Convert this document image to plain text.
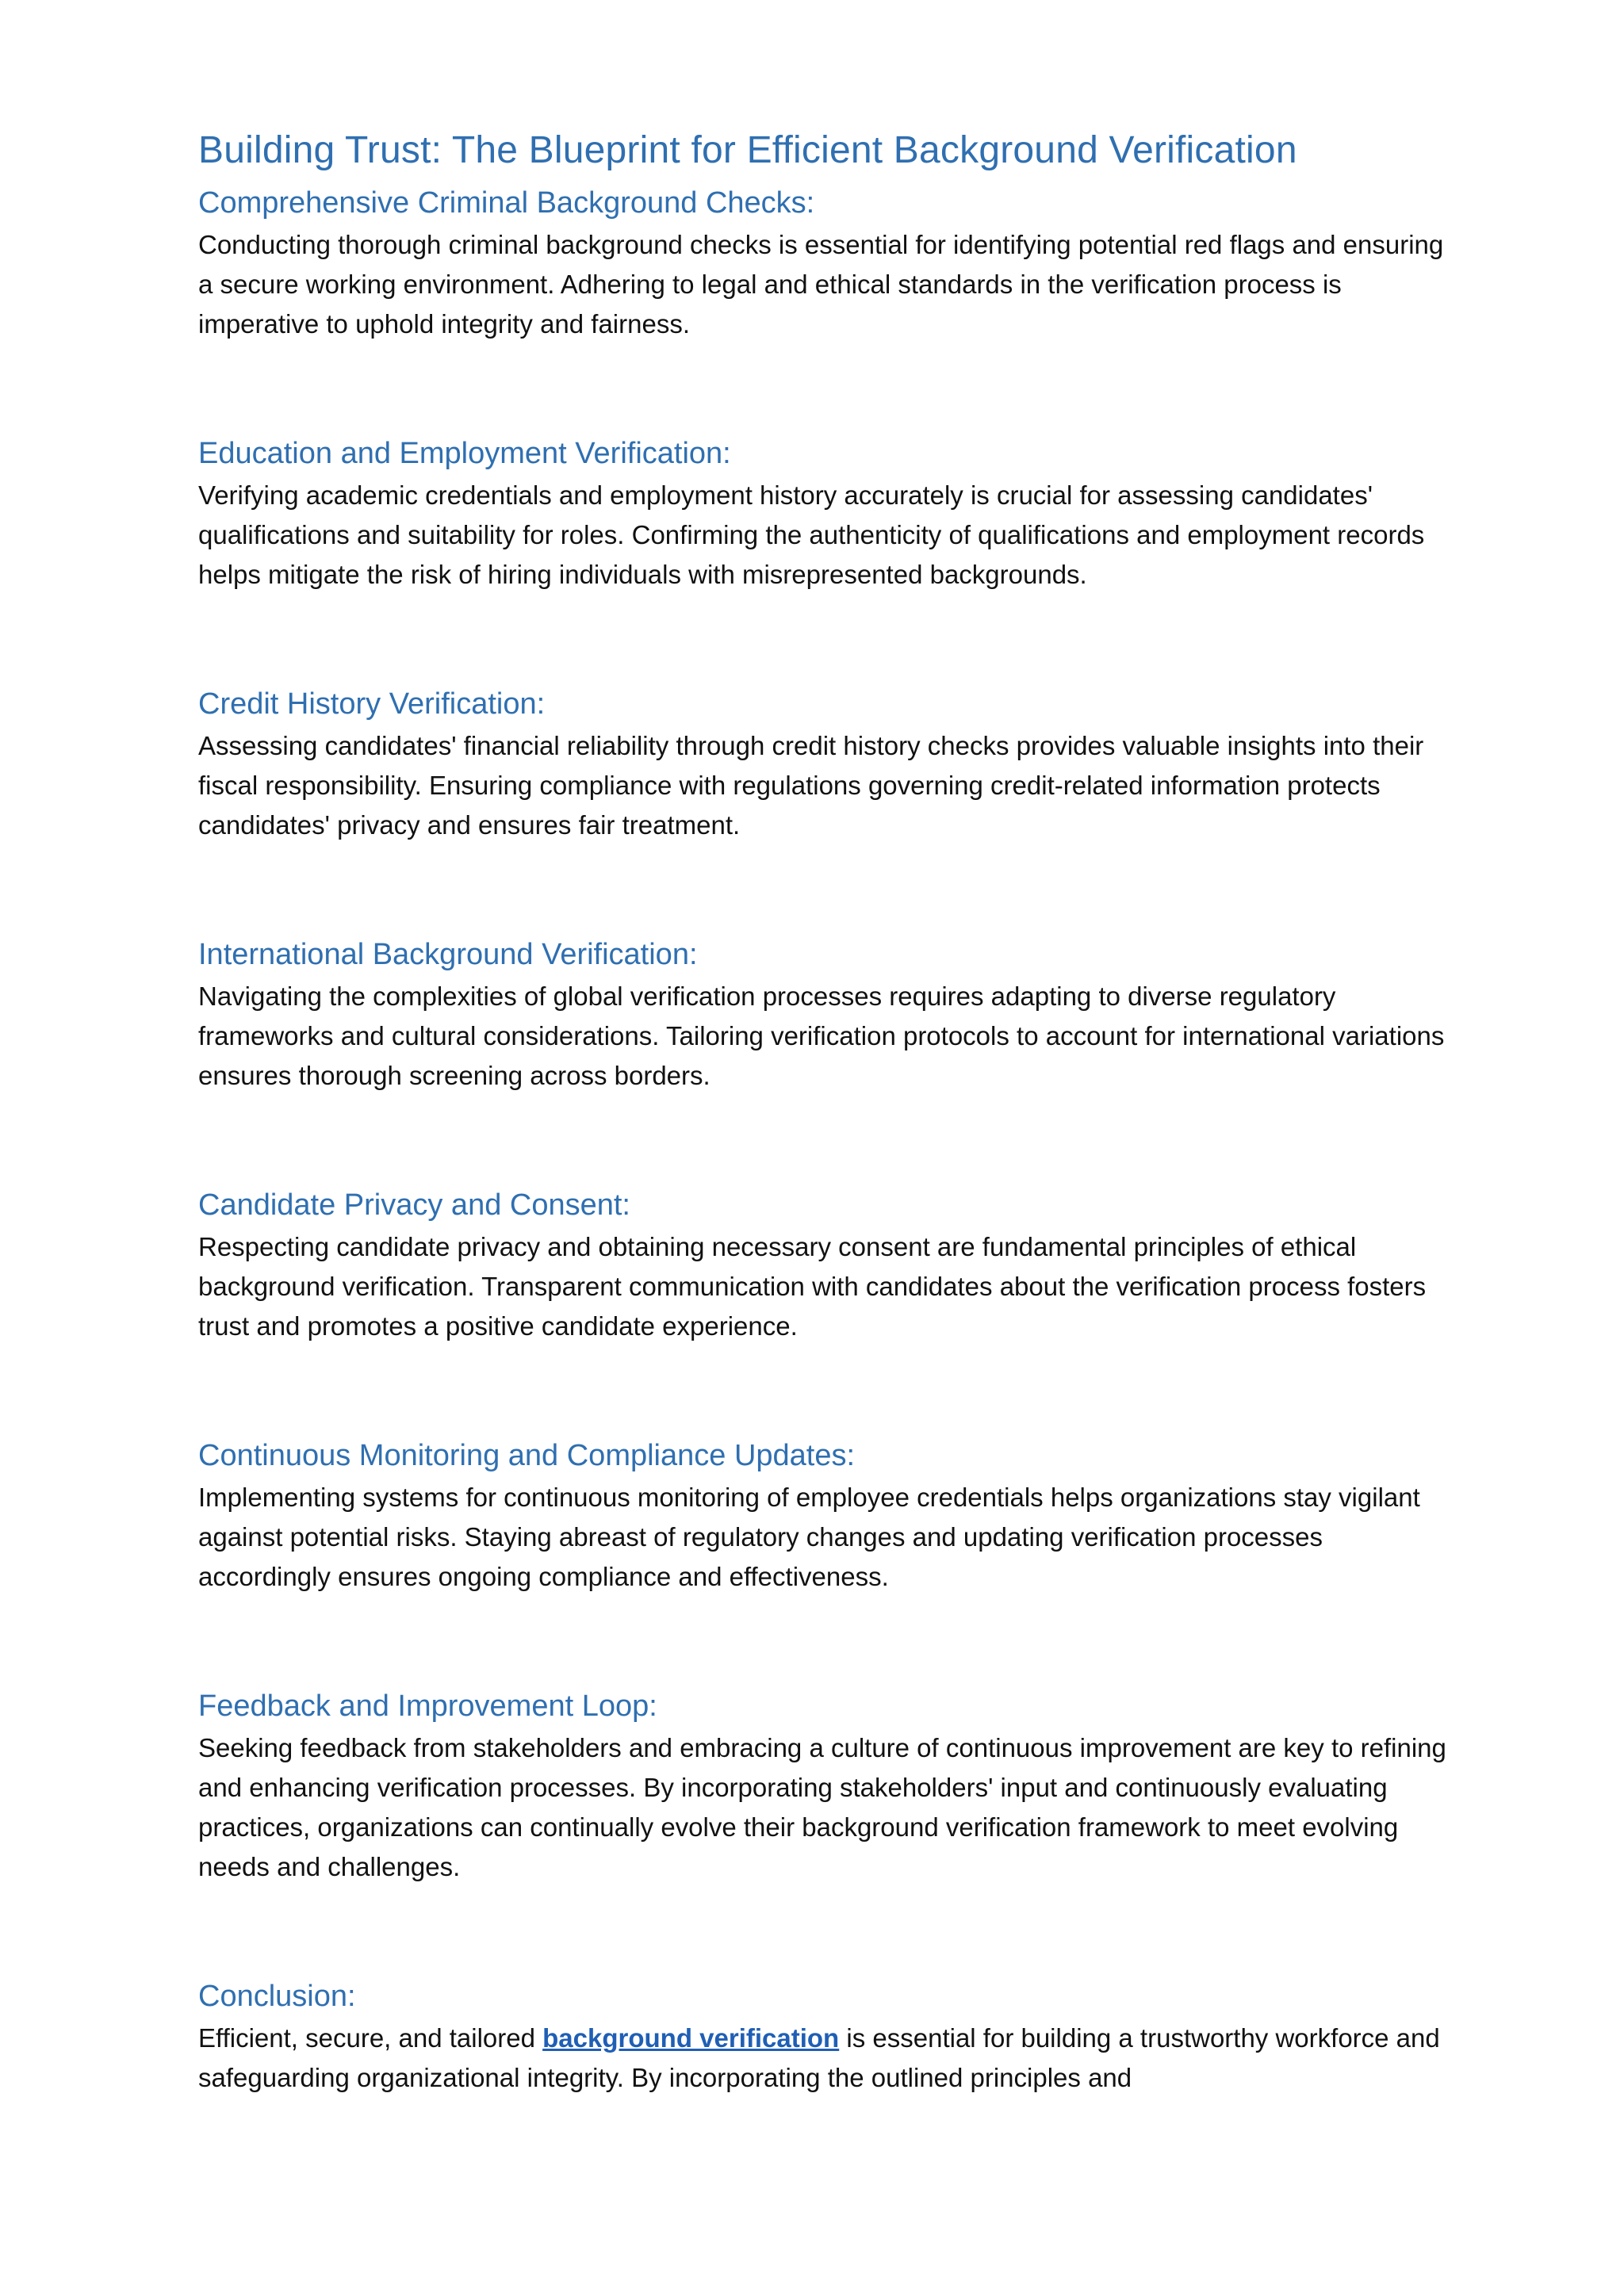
Building Trust: The Blueprint for Efficient Background Verification
Comprehensive Criminal Background Checks:

Conducting thorough criminal background checks is essential for identifying potential red flags and ensuring a secure working environment. Adhering to legal and ethical standards in the verification process is imperative to uphold integrity and fairness.

Education and Employment Verification:

Verifying academic credentials and employment history accurately is crucial for assessing candidates' qualifications and suitability for roles. Confirming the authenticity of qualifications and employment records helps mitigate the risk of hiring individuals with misrepresented backgrounds.

Credit History Verification:

Assessing candidates' financial reliability through credit history checks provides valuable insights into their fiscal responsibility. Ensuring compliance with regulations governing credit-related information protects candidates' privacy and ensures fair treatment.

International Background Verification:

Navigating the complexities of global verification processes requires adapting to diverse regulatory frameworks and cultural considerations. Tailoring verification protocols to account for international variations ensures thorough screening across borders.

Candidate Privacy and Consent:

Respecting candidate privacy and obtaining necessary consent are fundamental principles of ethical background verification. Transparent communication with candidates about the verification process fosters trust and promotes a positive candidate experience.

Continuous Monitoring and Compliance Updates:

Implementing systems for continuous monitoring of employee credentials helps organizations stay vigilant against potential risks. Staying abreast of regulatory changes and updating verification processes accordingly ensures ongoing compliance and effectiveness.

Feedback and Improvement Loop:

Seeking feedback from stakeholders and embracing a culture of continuous improvement are key to refining and enhancing verification processes. By incorporating stakeholders' input and continuously evaluating practices, organizations can continually evolve their background verification framework to meet evolving needs and challenges.

Conclusion:

Efficient, secure, and tailored background verification is essential for building a trustworthy workforce and safeguarding organizational integrity. By incorporating the outlined principles and
